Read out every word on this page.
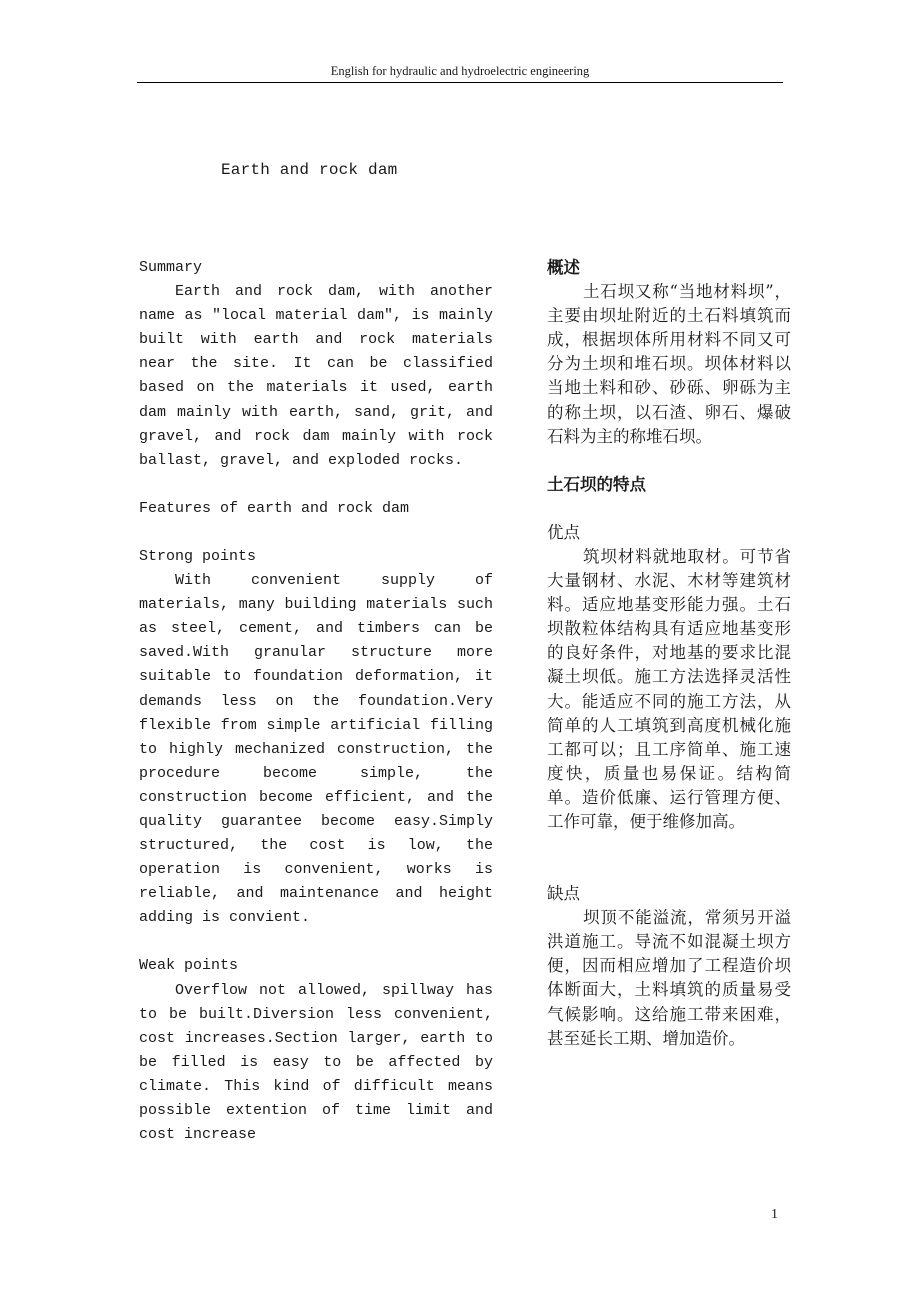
English for hydraulic and hydroelectric engineering
Earth and rock dam

Summary

Earth and rock dam, with another name as "local material dam", is mainly built with earth and rock materials near the site. It can be classified based on the materials it used, earth dam mainly with earth, sand, grit, and gravel, and rock dam mainly with rock ballast, gravel, and exploded rocks.

Features of earth and rock dam

Strong points

With convenient supply of materials, many building materials such as steel, cement, and timbers can be saved.With granular structure more suitable to foundation deformation, it demands less on the foundation.Very flexible from simple artificial filling to highly mechanized construction, the procedure become simple, the construction become efficient, and the quality guarantee become easy.Simply structured, the cost is low, the operation is convenient, works is reliable, and maintenance and height adding is convient.

Weak points

Overflow not allowed, spillway has to be built.Diversion less convenient, cost increases.Section larger, earth to be filled is easy to be affected by climate. This kind of difficult means possible extention of time limit and cost increase

概述

土石坝又称“当地材料坝”，主要由坝址附近的土石料填筑而成，根据坝体所用材料不同又可分为土坝和堆石坝。坝体材料以当地土料和砂、砂砾、卵砾为主的称土坝，以石渣、卵石、爆破石料为主的称堆石坝。

土石坝的特点

优点

筑坝材料就地取材。可节省大量钢材、水泥、木材等建筑材料。适应地基变形能力强。土石坝散粒体结构具有适应地基变形的良好条件，对地基的要求比混凝土坝低。施工方法选择灵活性大。能适应不同的施工方法，从简单的人工填筑到高度机械化施工都可以；且工序简单、施工速度快，质量也易保证。结构简单。造价低廉、运行管理方便、工作可靠，便于维修加高。

缺点

坝顶不能溢流，常须另开溢洪道施工。导流不如混凝土坝方便，因而相应增加了工程造价坝体断面大，土料填筑的质量易受气候影响。这给施工带来困难，甚至延长工期、增加造价。

1
